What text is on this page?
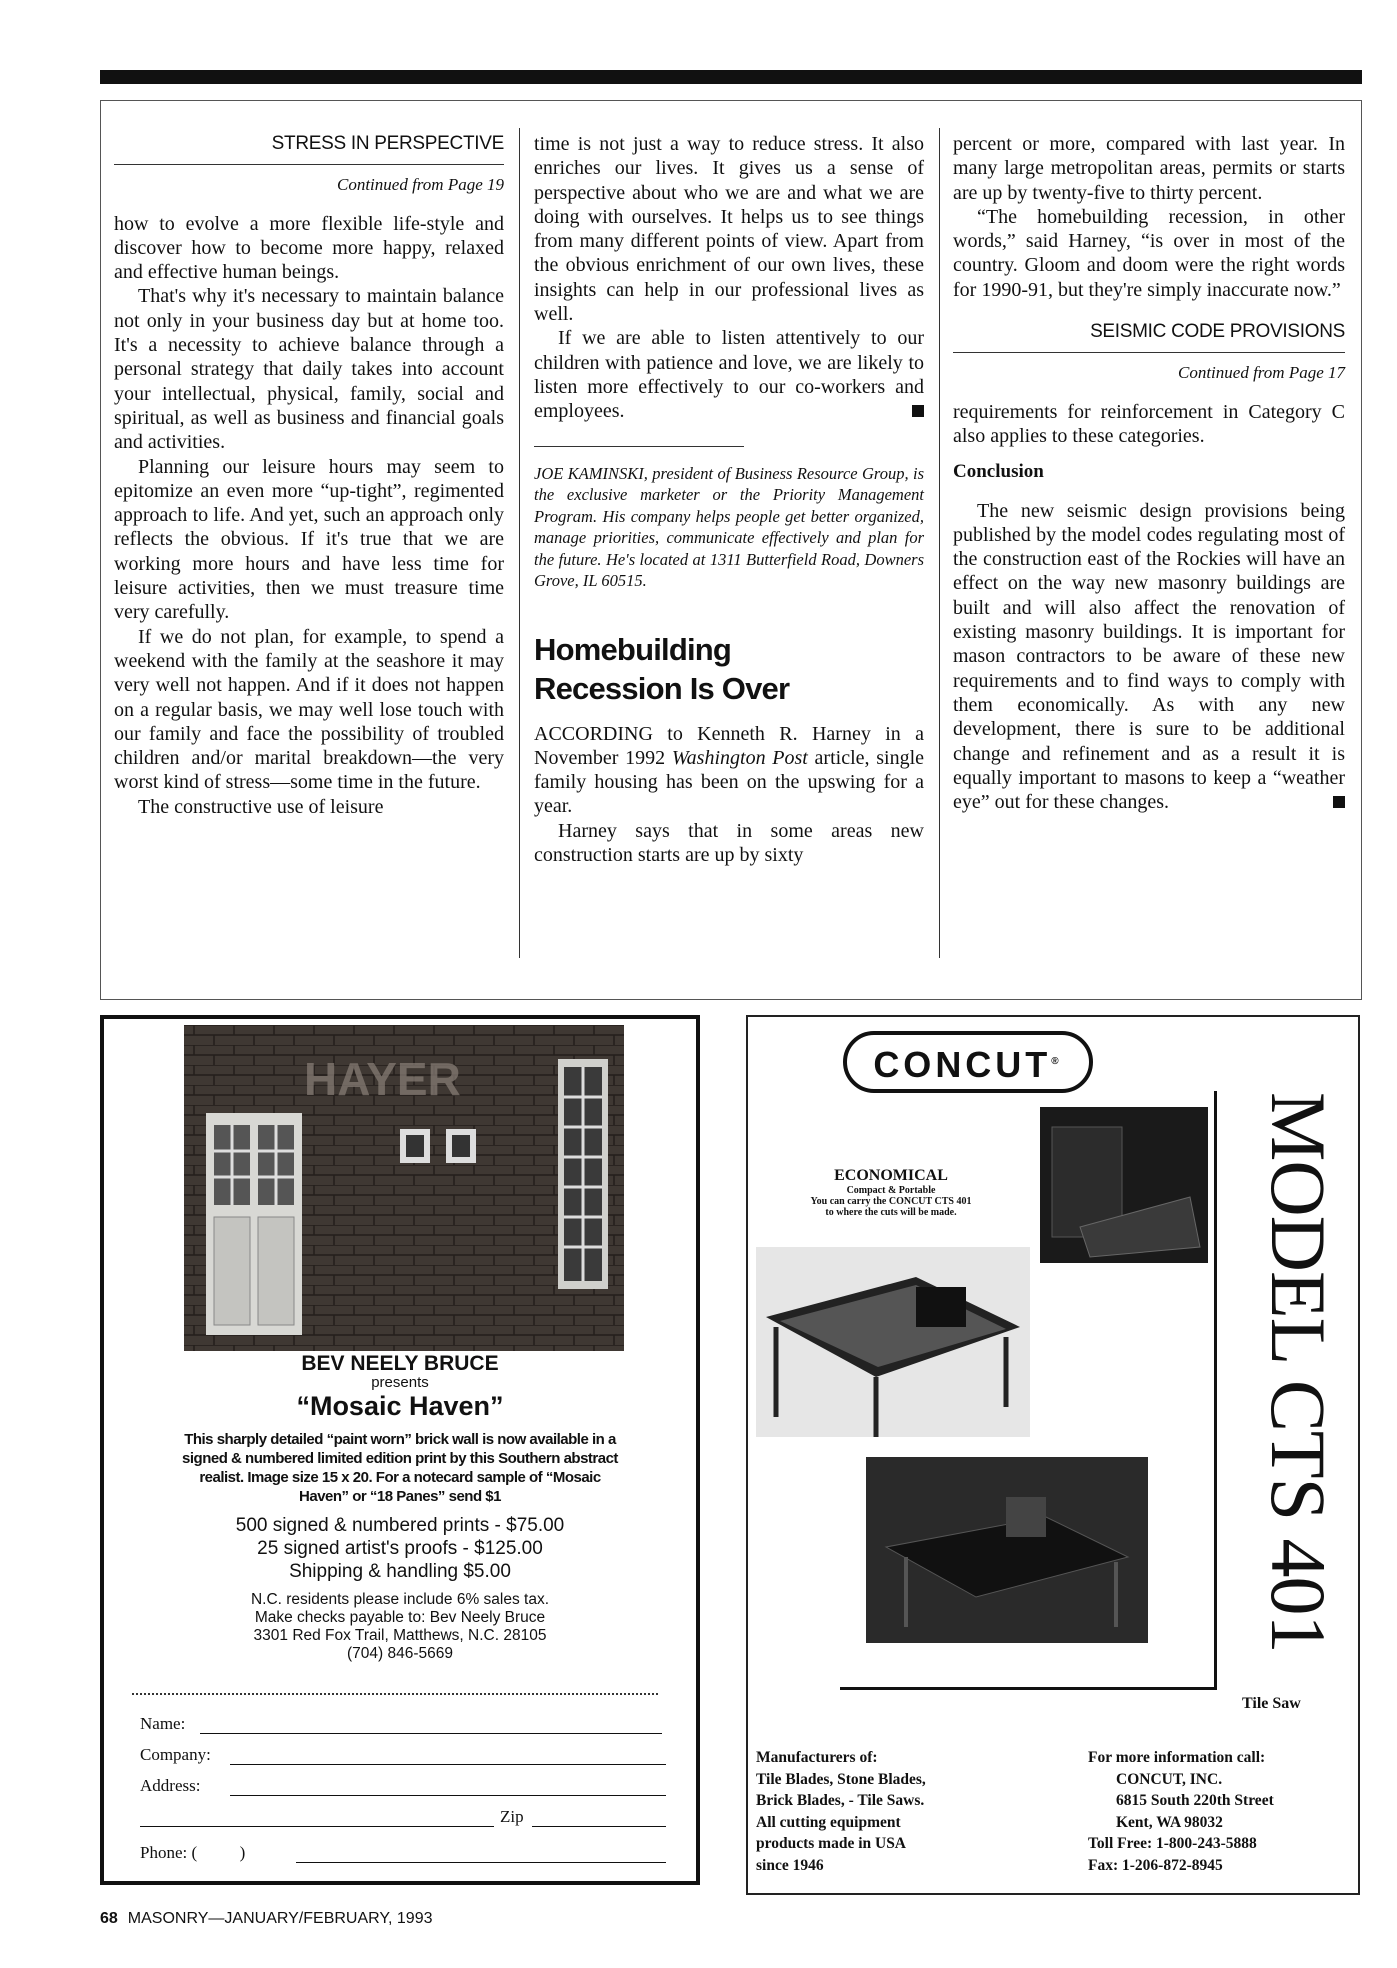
STRESS IN PERSPECTIVE
Continued from Page 19

how to evolve a more flexible life-style and discover how to become more happy, relaxed and effective human beings.

That's why it's necessary to maintain balance not only in your business day but at home too. It's a necessity to achieve balance through a personal strategy that daily takes into account your intellectual, physical, family, social and spiritual, as well as business and financial goals and activities.

Planning our leisure hours may seem to epitomize an even more “up-tight”, regimented approach to life. And yet, such an approach only reflects the obvious. If it's true that we are working more hours and have less time for leisure activities, then we must treasure time very carefully.

If we do not plan, for example, to spend a weekend with the family at the seashore it may very well not happen. And if it does not happen on a regular basis, we may well lose touch with our family and face the possibility of troubled children and/or marital breakdown—the very worst kind of stress—some time in the future.

The constructive use of leisure

time is not just a way to reduce stress. It also enriches our lives. It gives us a sense of perspective about who we are and what we are doing with ourselves. It helps us to see things from many different points of view. Apart from the obvious enrichment of our own lives, these insights can help in our professional lives as well.

If we are able to listen attentively to our children with patience and love, we are likely to listen more effectively to our co-workers and employees.

JOE KAMINSKI, president of Business Resource Group, is the exclusive marketer or the Priority Management Program. His company helps people get better organized, manage priorities, communicate effectively and plan for the future. He's located at 1311 Butterfield Road, Downers Grove, IL 60515.
Homebuilding
Recession Is Over

ACCORDING to Kenneth R. Harney in a November 1992 Washington Post article, single family housing has been on the upswing for a year.

Harney says that in some areas new construction starts are up by sixty

percent or more, compared with last year. In many large metropolitan areas, permits or starts are up by twenty-five to thirty percent.

“The homebuilding recession, in other words,” said Harney, “is over in most of the country. Gloom and doom were the right words for 1990-91, but they're simply inaccurate now.”

SEISMIC CODE PROVISIONS
Continued from Page 17

requirements for reinforcement in Category C also applies to these categories.

Conclusion

The new seismic design provisions being published by the model codes regulating most of the construction east of the Rockies will have an effect on the way new masonry buildings are built and will also affect the renovation of existing masonry buildings. It is important for mason contractors to be aware of these new requirements and to find ways to comply with them economically. As with any new development, there is sure to be additional change and refinement and as a result it is equally important to masons to keep a “weather eye” out for these changes.

HAYER
BEV NEELY BRUCE
presents
“Mosaic Haven”
This sharply detailed “paint worn” brick wall is now available in a signed & numbered limited edition print by this Southern abstract realist. Image size 15 x 20. For a notecard sample of “Mosaic Haven” or “18 Panes” send $1
500 signed & numbered prints - $75.00
25 signed artist's proofs - $125.00
Shipping & handling $5.00
N.C. residents please include 6% sales tax.
Make checks payable to: Bev Neely Bruce
3301 Red Fox Trail, Matthews, N.C. 28105
(704) 846-5669
Name:
Company:
Address:
Zip
Phone: (          )
CONCUT®
ECONOMICAL
Compact & Portable
You can carry the CONCUT CTS 401
to where the cuts will be made.	MODEL CTS 401
Tile Saw
Manufacturers of:
Tile Blades, Stone Blades,
Brick Blades, - Tile Saws.
All cutting equipment
products made in USA
since 1946
For more information call:
CONCUT, INC.
6815 South 220th Street
Kent, WA 98032
Toll Free: 1-800-243-5888
Fax: 1-206-872-8945
68 MASONRY—JANUARY/FEBRUARY, 1993
